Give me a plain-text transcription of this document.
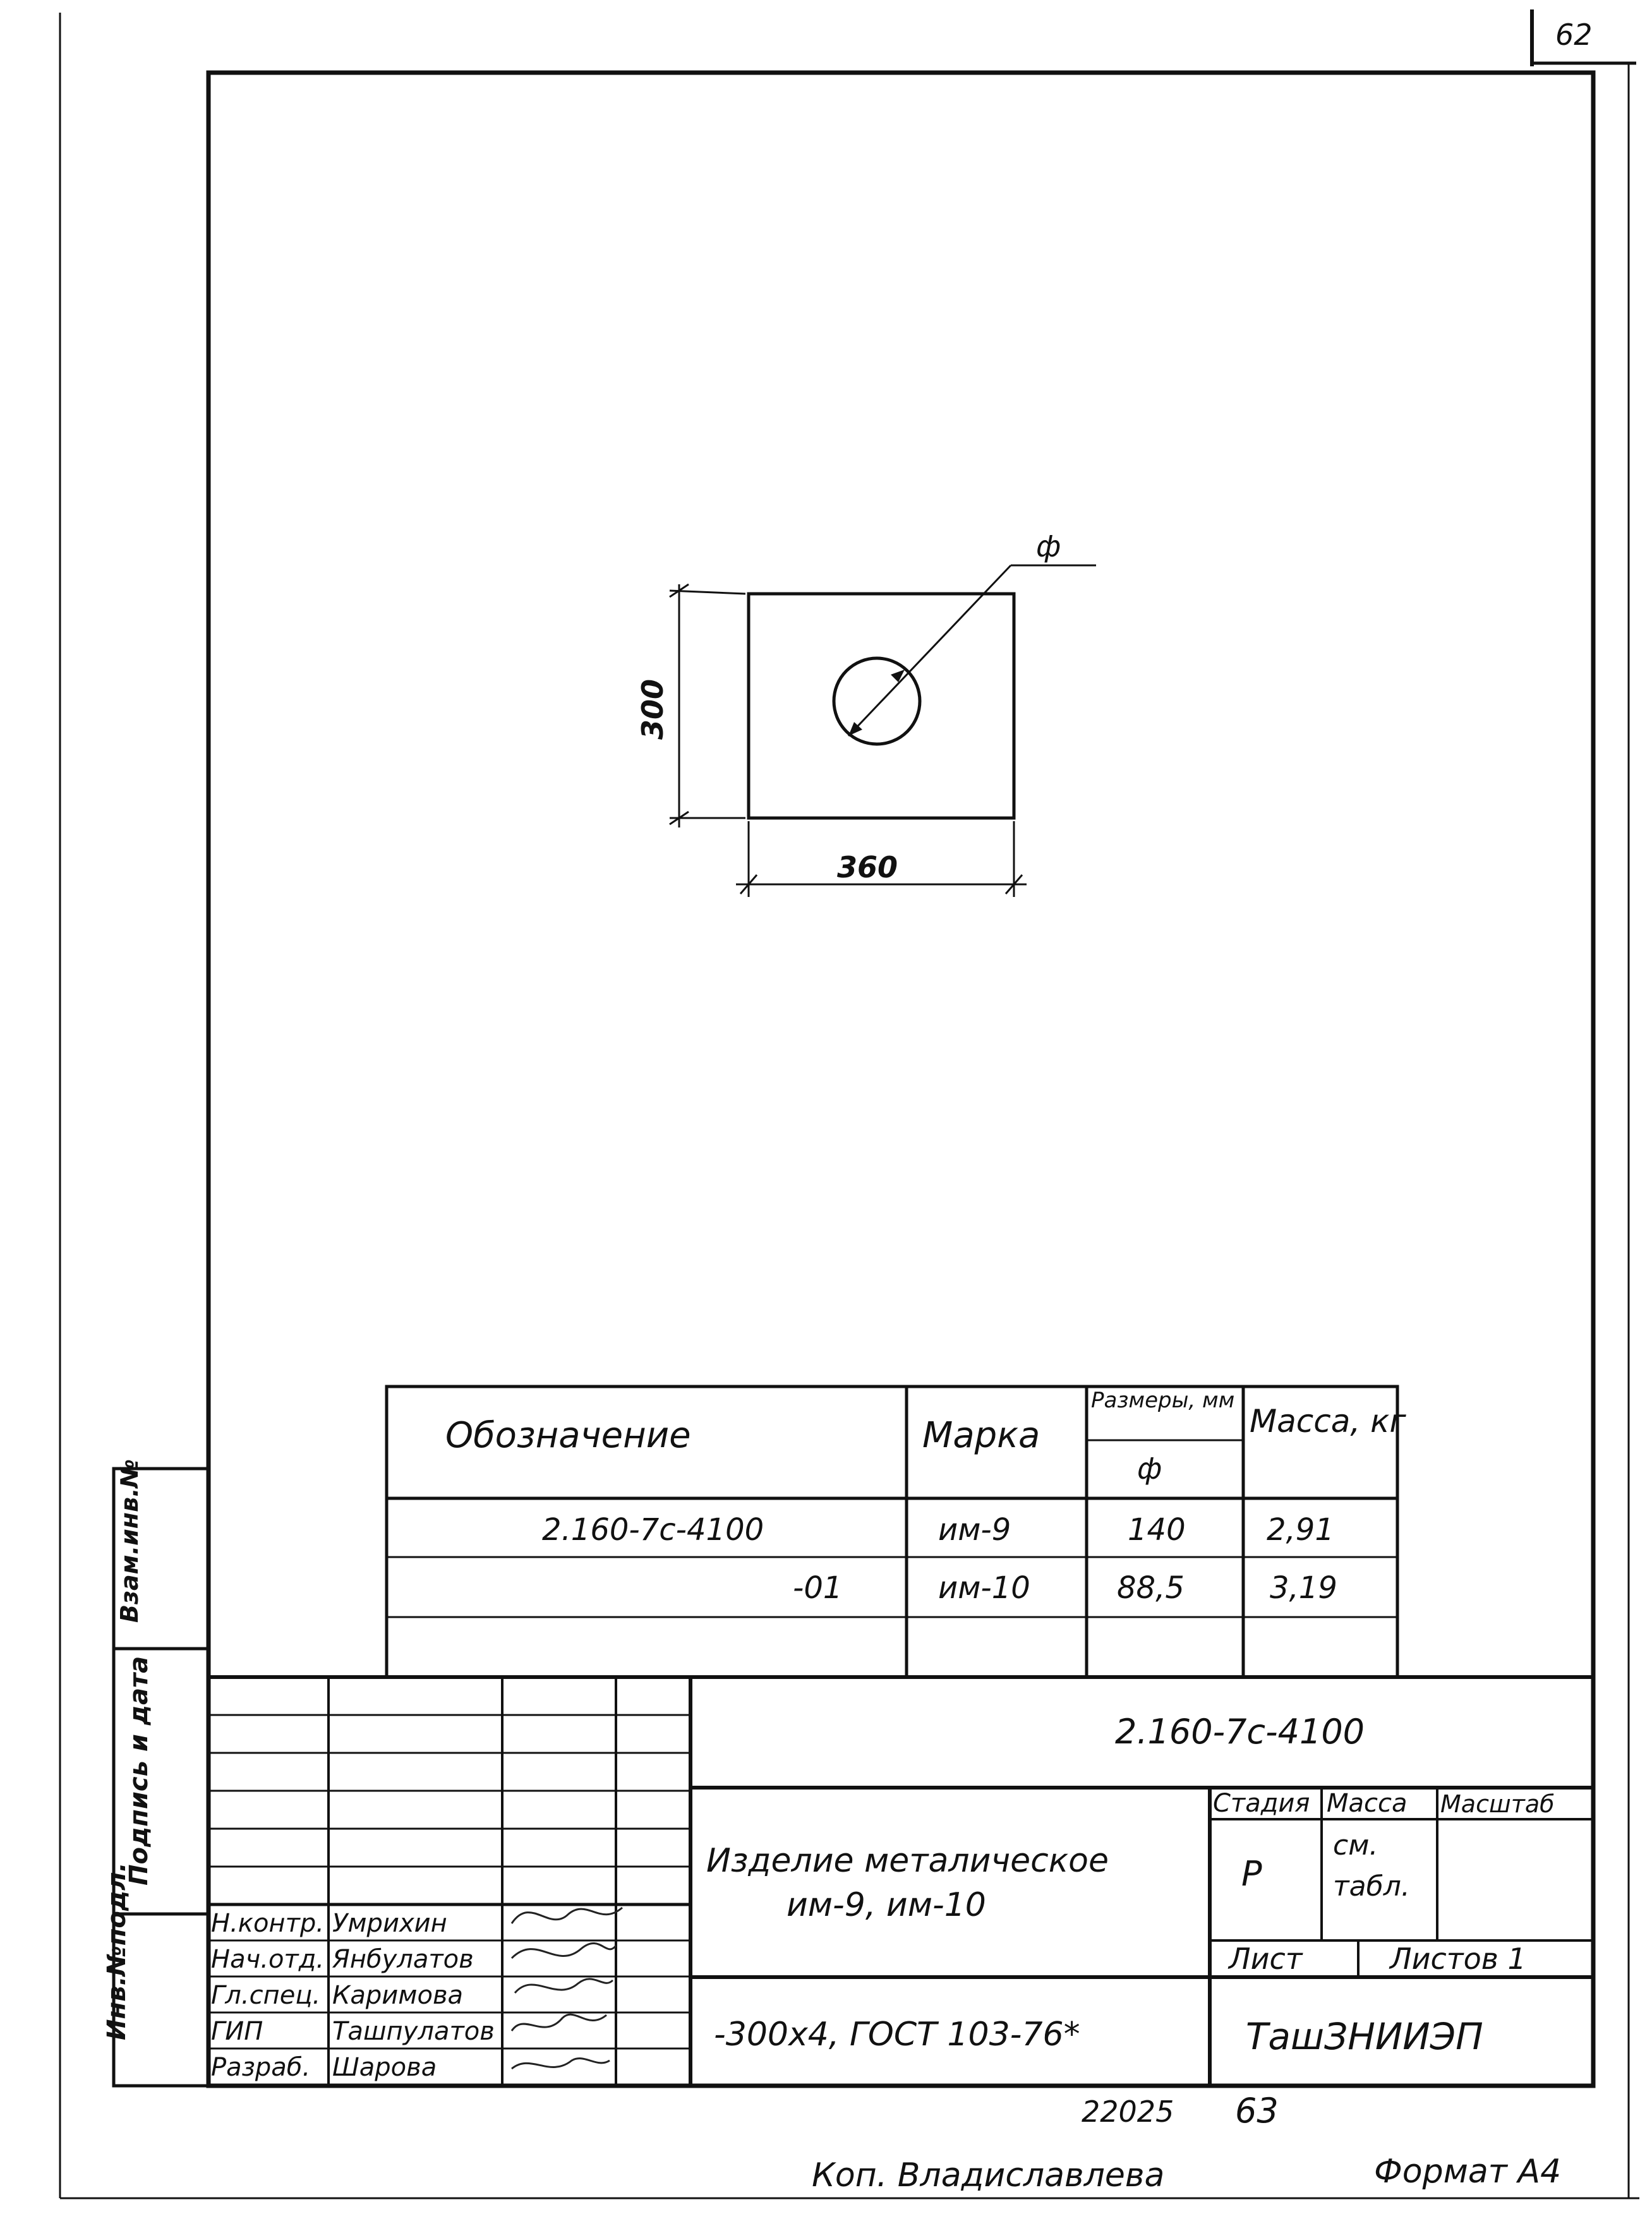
62
ф
300
360
Обозначение	Марка
Размеры, мм
ф
Масса, кг
2.160-7с-4100	им-9	140	2,91
-01	им-10	88,5	3,19
Инв.№подл.
Подпись и дата
Взам.инв.№
Н.контр. Умрихин
Нач.отд. Янбулатов
Гл.спец. Каримова
ГИП	Ташпулатов
Разраб. Шарова
2.160-7с-4100
Изделие металическое
им-9, им-10
-300х4, ГОСТ 103-76*
Стадия Масса Масштаб
Р
см.
табл.
Лист	Листов 1
ТашЗНИИЭП
22025 63
Коп. Владиславлева	Формат А4
